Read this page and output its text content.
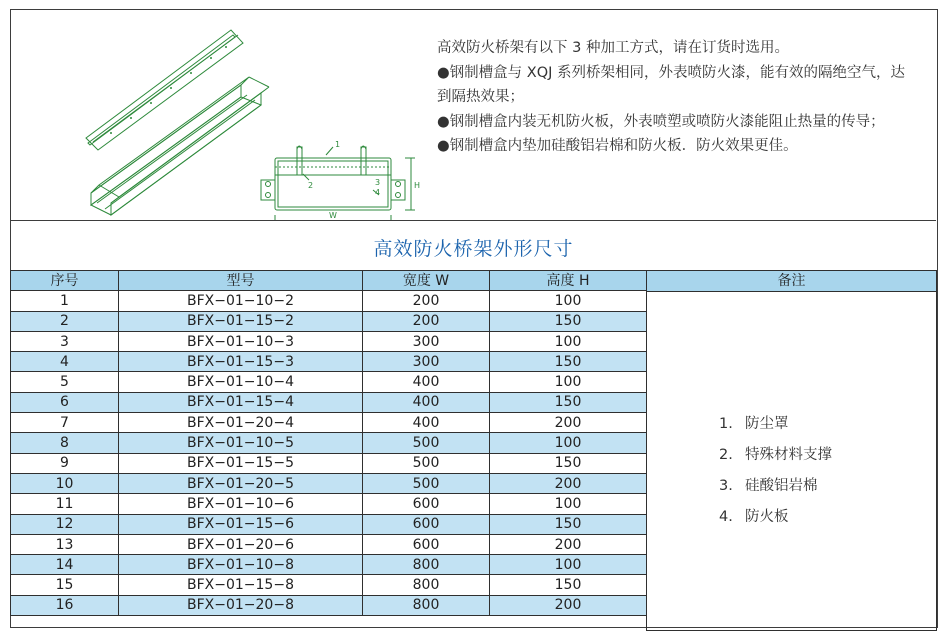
1
2	3
4
W
H

高效防火桥架有以下 3 种加工方式，请在订货时选用。

●钢制槽盒与 XQJ 系列桥架相同，外表喷防火漆，能有效的隔绝空气，达到隔热效果；

●钢制槽盒内装无机防火板，外表喷塑或喷防火漆能阻止热量的传导；

●钢制槽盒内垫加硅酸铝岩棉和防火板．防火效果更佳。

高效防火桥架外形尺寸
序号	型号	宽度 W	高度 H
1	BFX−01−10−2	200	100
2	BFX−01−15−2	200	150
3	BFX−01−10−3	300	100
4	BFX−01−15−3	300	150
5	BFX−01−10−4	400	100
6	BFX−01−15−4	400	150
7	BFX−01−20−4	400	200
8	BFX−01−10−5	500	100
9	BFX−01−15−5	500	150
10	BFX−01−20−5	500	200
11	BFX−01−10−6	600	100
12	BFX−01−15−6	600	150
13	BFX−01−20−6	600	200
14	BFX−01−10−8	800	100
15	BFX−01−15−8	800	150
16	BFX−01−20−8	800	200
备注
1. 防尘罩
2. 特殊材料支撑
3. 硅酸铝岩棉
4. 防火板
